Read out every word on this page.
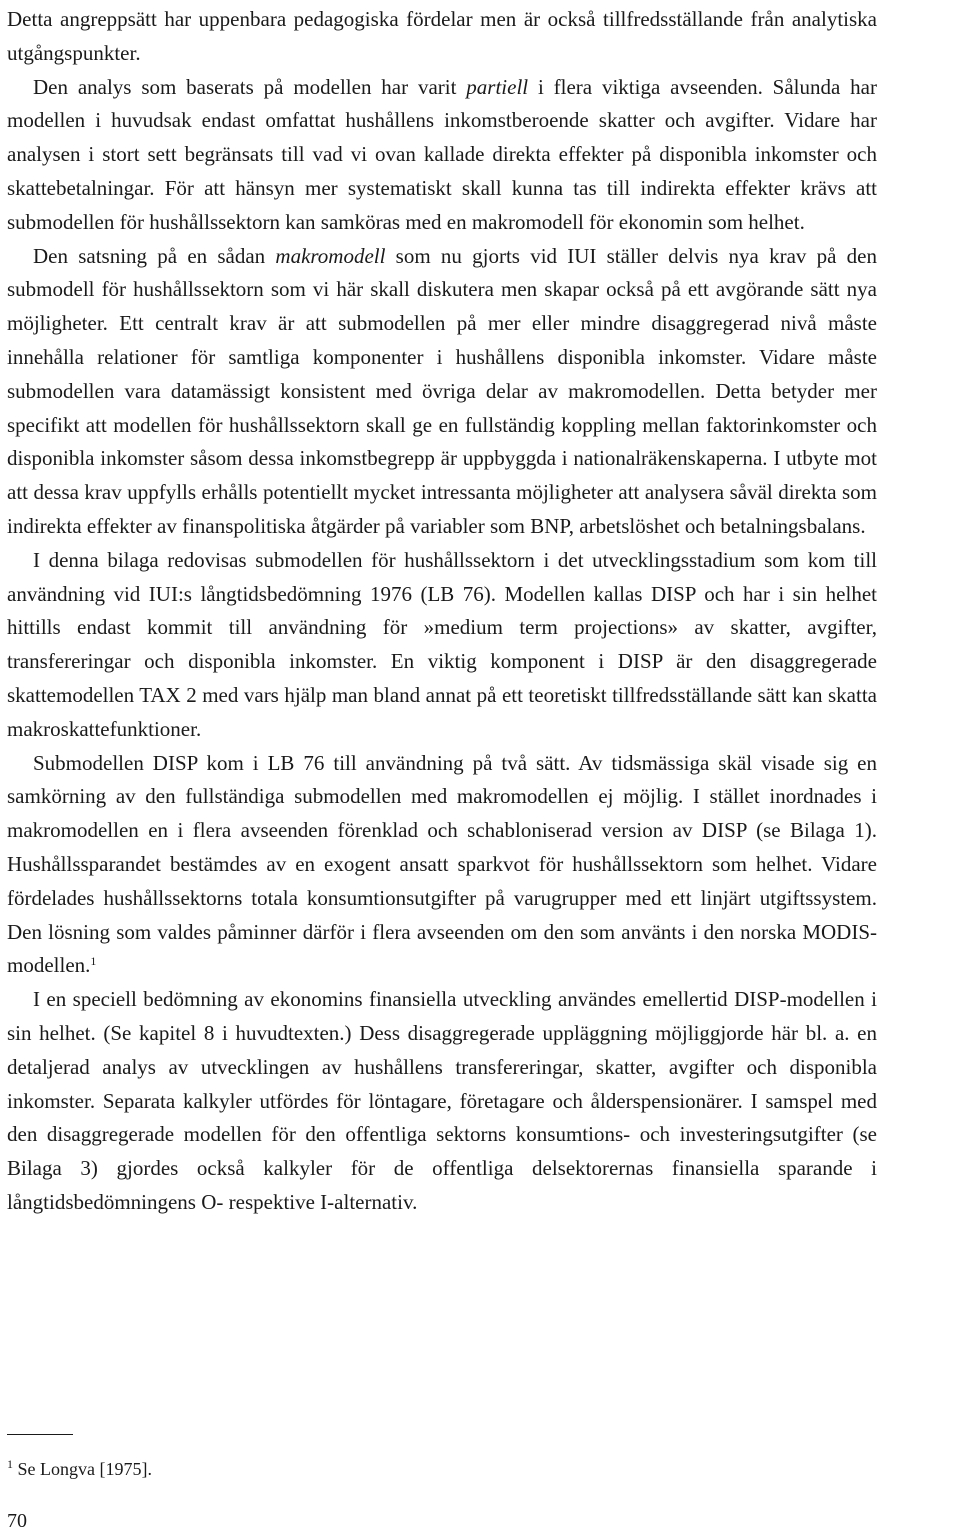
Detta angreppsätt har uppenbara pedagogiska fördelar men är också tillfredsställande från analytiska utgångspunkter.

Den analys som baserats på modellen har varit partiell i flera viktiga avseenden. Sålunda har modellen i huvudsak endast omfattat hushållens inkomstberoende skatter och avgifter. Vidare har analysen i stort sett begränsats till vad vi ovan kallade direkta effekter på disponibla inkomster och skattebetalningar. För att hänsyn mer systematiskt skall kunna tas till indirekta effekter krävs att submodellen för hushållssektorn kan samköras med en makromodell för ekonomin som helhet.

Den satsning på en sådan makromodell som nu gjorts vid IUI ställer delvis nya krav på den submodell för hushållssektorn som vi här skall diskutera men skapar också på ett avgörande sätt nya möjligheter. Ett centralt krav är att submodellen på mer eller mindre disaggregerad nivå måste innehålla relationer för samtliga komponenter i hushållens disponibla inkomster. Vidare måste submodellen vara datamässigt konsistent med övriga delar av makromodellen. Detta betyder mer specifikt att modellen för hushållssektorn skall ge en fullständig koppling mellan faktorinkomster och disponibla inkomster såsom dessa inkomstbegrepp är uppbyggda i nationalräkenskaperna. I utbyte mot att dessa krav uppfylls erhålls potentiellt mycket intressanta möjligheter att analysera såväl direkta som indirekta effekter av finanspolitiska åtgärder på variabler som BNP, arbetslöshet och betalningsbalans.

I denna bilaga redovisas submodellen för hushållssektorn i det utvecklingsstadium som kom till användning vid IUI:s långtidsbedömning 1976 (LB 76). Modellen kallas DISP och har i sin helhet hittills endast kommit till användning för »medium term projections» av skatter, avgifter, transfereringar och disponibla inkomster. En viktig komponent i DISP är den disaggregerade skattemodellen TAX 2 med vars hjälp man bland annat på ett teoretiskt tillfredsställande sätt kan skatta makroskattefunktioner.

Submodellen DISP kom i LB 76 till användning på två sätt. Av tidsmässiga skäl visade sig en samkörning av den fullständiga submodellen med makromodellen ej möjlig. I stället inordnades i makromodellen en i flera avseenden förenklad och schabloniserad version av DISP (se Bilaga 1). Hushållssparandet bestämdes av en exogent ansatt sparkvot för hushållssektorn som helhet. Vidare fördelades hushållssektorns totala konsumtionsutgifter på varugrupper med ett linjärt utgiftssystem. Den lösning som valdes påminner därför i flera avseenden om den som använts i den norska MODIS-modellen.$^1$

I en speciell bedömning av ekonomins finansiella utveckling användes emellertid DISP-modellen i sin helhet. (Se kapitel 8 i huvudtexten.) Dess disaggregerade uppläggning möjliggjorde här bl. a. en detaljerad analys av utvecklingen av hushållens transfereringar, skatter, avgifter och disponibla inkomster. Separata kalkyler utfördes för löntagare, företagare och ålderspensionärer. I samspel med den disaggregerade modellen för den offentliga sektorns konsumtions- och investeringsutgifter (se Bilaga 3) gjordes också kalkyler för de offentliga delsektorernas finansiella sparande i långtidsbedömningens O- respektive I-alternativ.

$^1$ Se Longva [1975].
70
